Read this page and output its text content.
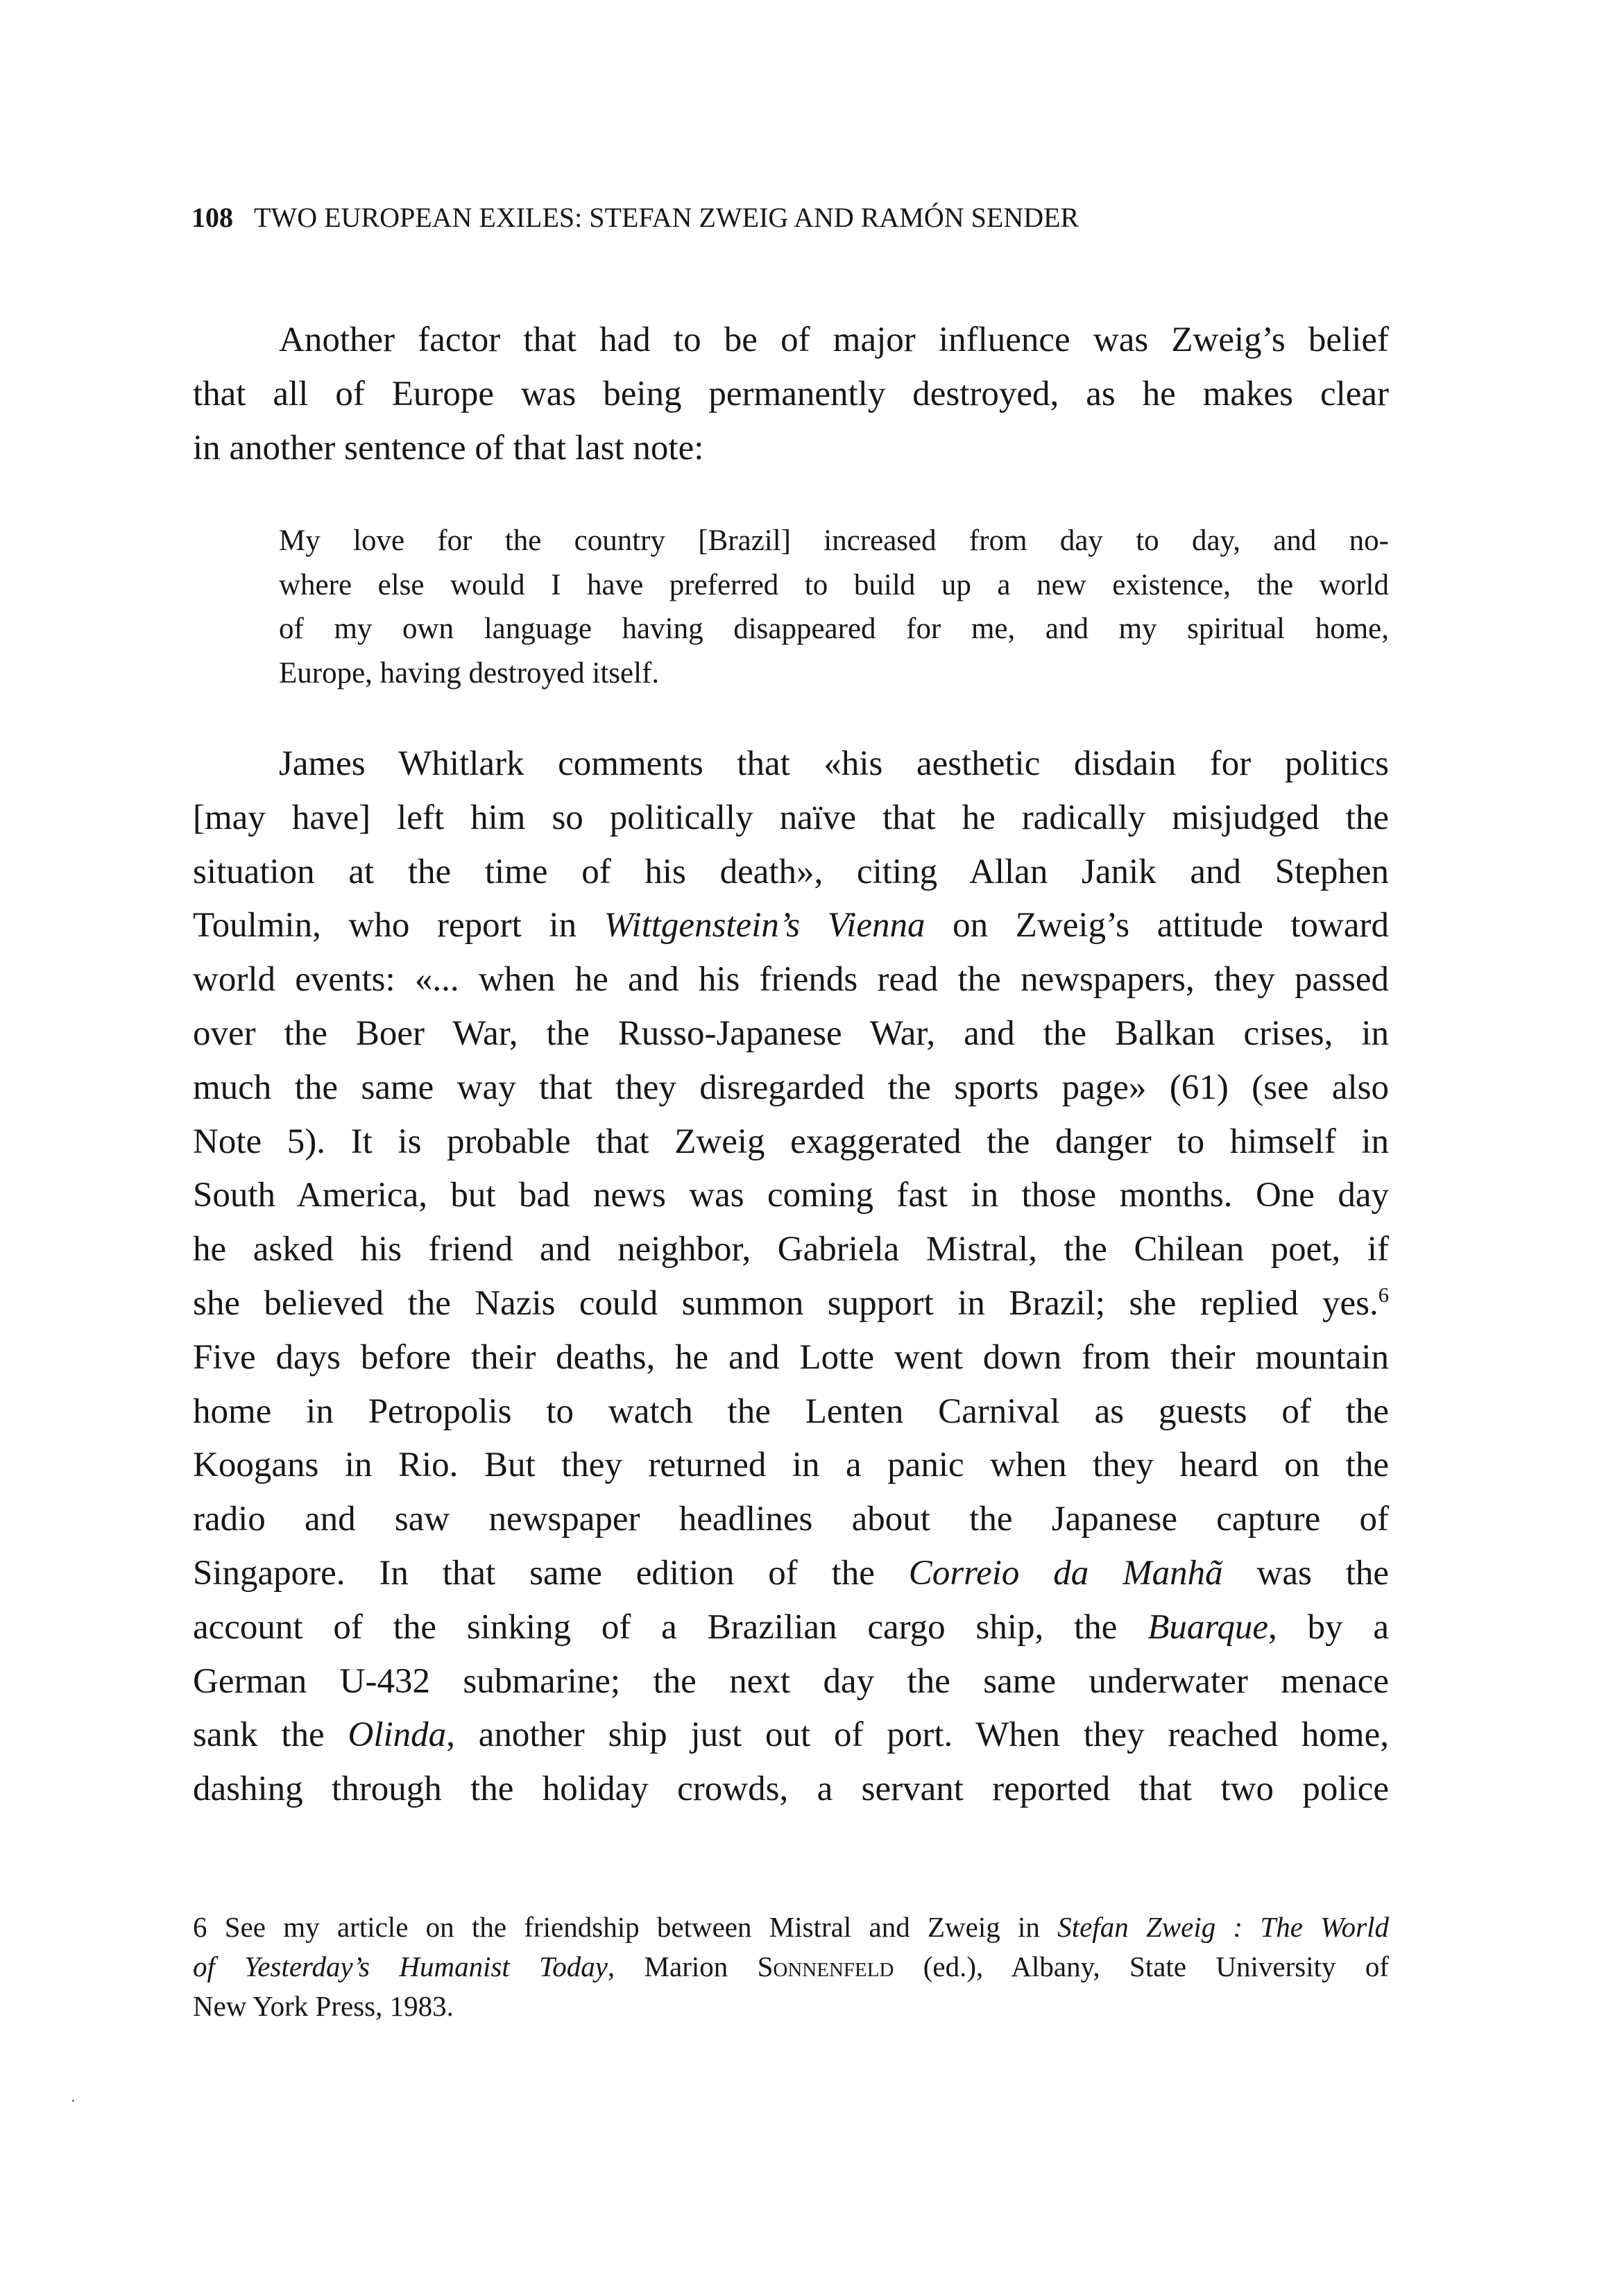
108 TWO EUROPEAN EXILES: STEFAN ZWEIG AND RAMÓN SENDER

Another factor that had to be of major influence was Zweig’s belief
that all of Europe was being permanently destroyed, as he makes clear
in another sentence of that last note:

My love for the country [Brazil] increased from day to day, and no-
where else would I have preferred to build up a new existence, the world
of my own language having disappeared for me, and my spiritual home,
Europe, having destroyed itself.

James Whitlark comments that «his aesthetic disdain for politics
[may have] left him so politically naïve that he radically misjudged the
situation at the time of his death», citing Allan Janik and Stephen
Toulmin, who report in Wittgenstein’s Vienna on Zweig’s attitude toward
world events: «... when he and his friends read the newspapers, they passed
over the Boer War, the Russo-Japanese War, and the Balkan crises, in
much the same way that they disregarded the sports page» (61) (see also
Note 5). It is probable that Zweig exaggerated the danger to himself in
South America, but bad news was coming fast in those months. One day
he asked his friend and neighbor, Gabriela Mistral, the Chilean poet, if
she believed the Nazis could summon support in Brazil; she replied yes.$^6$
Five days before their deaths, he and Lotte went down from their mountain
home in Petropolis to watch the Lenten Carnival as guests of the
Koogans in Rio. But they returned in a panic when they heard on the
radio and saw newspaper headlines about the Japanese capture of
Singapore. In that same edition of the Correio da Manhã was the
account of the sinking of a Brazilian cargo ship, the Buarque, by a
German U-432 submarine; the next day the same underwater menace
sank the Olinda, another ship just out of port. When they reached home,
dashing through the holiday crowds, a servant reported that two police

6 See my article on the friendship between Mistral and Zweig in Stefan Zweig : The World
of Yesterday’s Humanist Today, Marion Sonnenfeld (ed.), Albany, State University of
New York Press, 1983.
